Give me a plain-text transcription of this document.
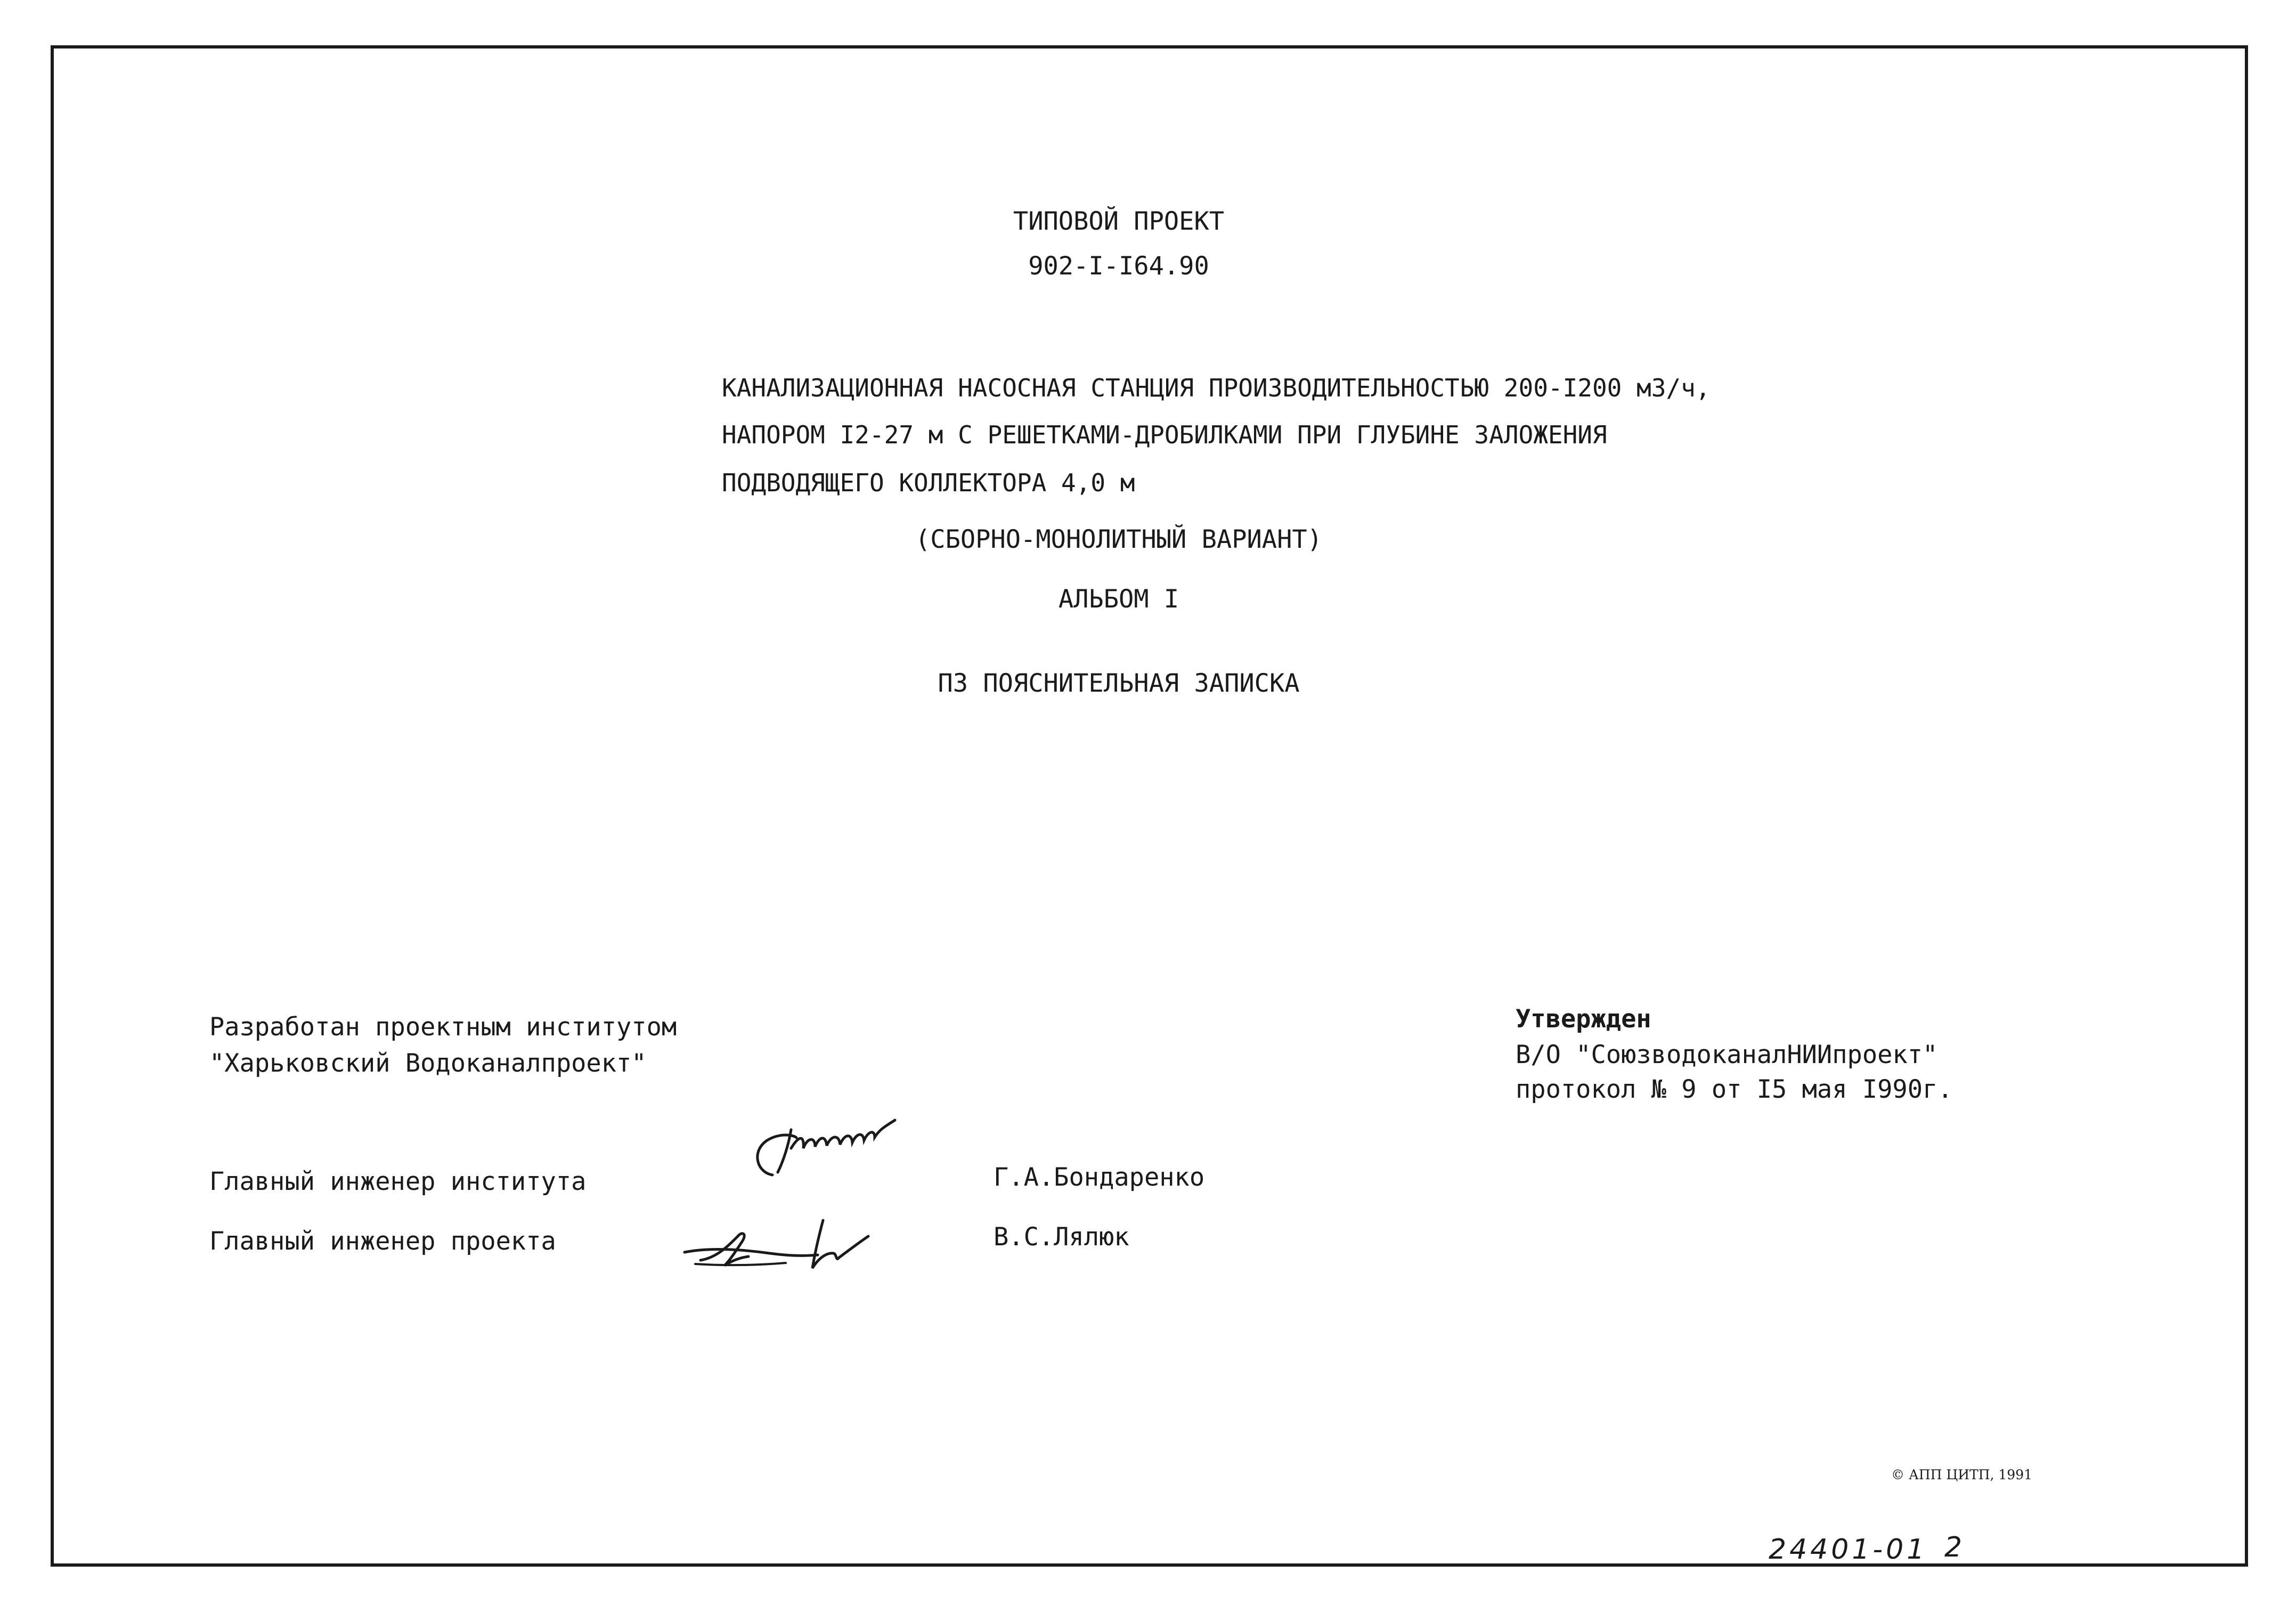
ТИПОВОЙ ПРОЕКТ
902-I-I64.90
КАНАЛИЗАЦИОННАЯ НАСОСНАЯ СТАНЦИЯ ПРОИЗВОДИТЕЛЬНОСТЬЮ 200-I200 м3/ч,
НАПОРОМ I2-27 м С РЕШЕТКАМИ-ДРОБИЛКАМИ ПРИ ГЛУБИНЕ ЗАЛОЖЕНИЯ
ПОДВОДЯЩЕГО КОЛЛЕКТОРА 4,0 м
(СБОРНО-МОНОЛИТНЫЙ ВАРИАНТ)
АЛЬБОМ I
ПЗ ПОЯСНИТЕЛЬНАЯ ЗАПИСКА
Разработан проектным институтом
"Харьковский Водоканалпроект"
Утвержден
В/О "СоюзводоканалНИИпроект"
протокол № 9 от I5 мая I990г.
Главный инженер института	Г.А.Бондаренко
Главный инженер проекта	В.С.Лялюк
© АПП ЦИТП, 1991
24401-01 2
